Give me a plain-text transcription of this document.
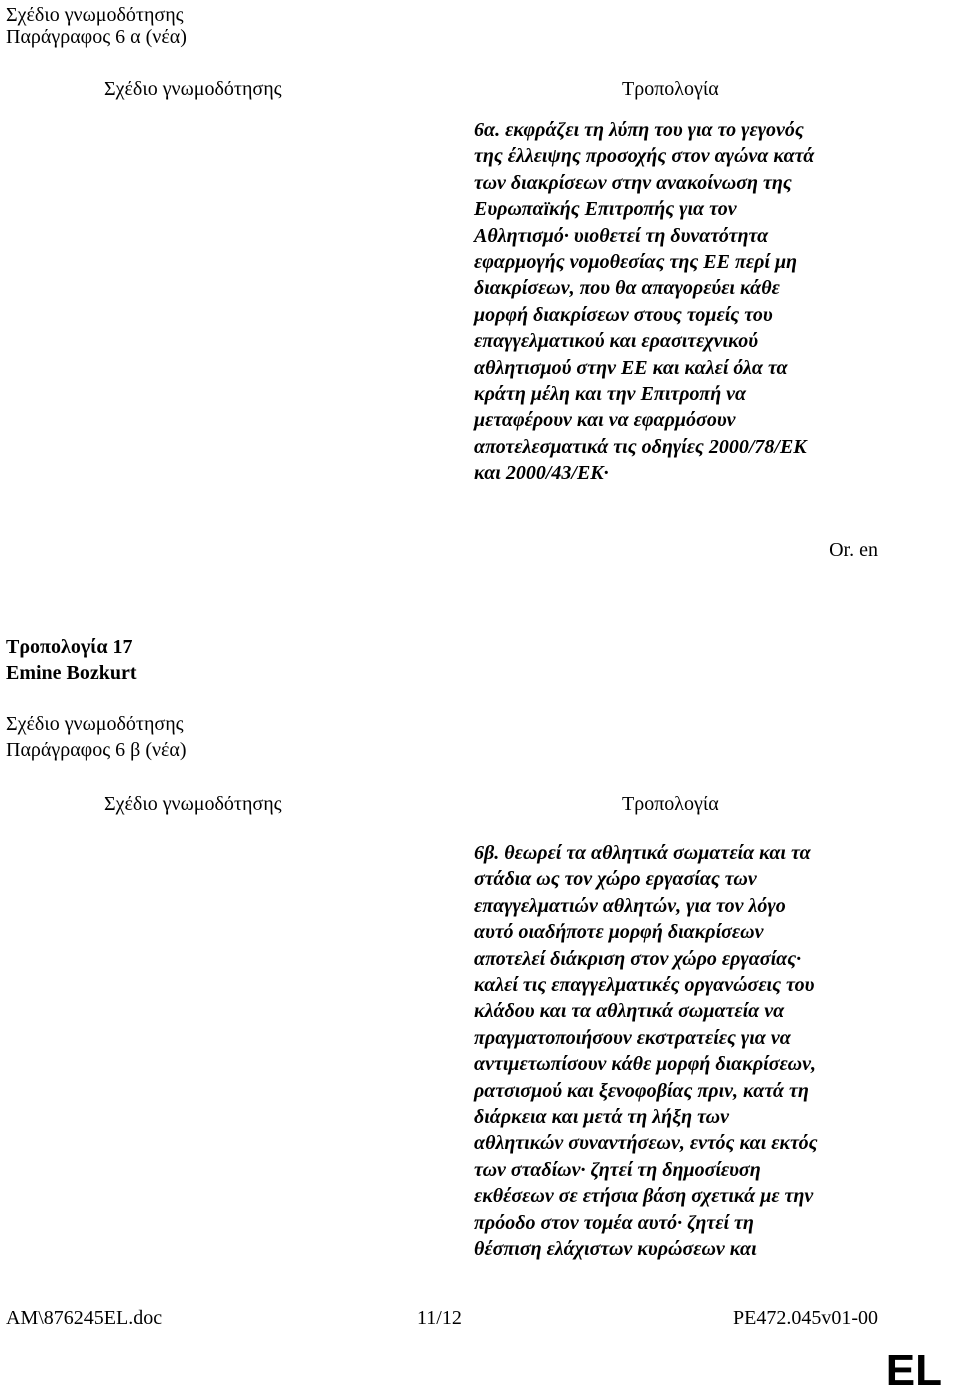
Σχέδιο γνωμοδότησης
Παράγραφος 6 α (νέα)
Σχέδιο γνωμοδότησης	Τροπολογία
6α. εκφράζει τη λύπη του για το γεγονός
της έλλειψης προσοχής στον αγώνα κατά
των διακρίσεων στην ανακοίνωση της
Ευρωπαϊκής Επιτροπής για τον
Αθλητισμό· υιοθετεί τη δυνατότητα
εφαρμογής νομοθεσίας της ΕΕ περί μη
διακρίσεων, που θα απαγορεύει κάθε
μορφή διακρίσεων στους τομείς του
επαγγελματικού και ερασιτεχνικού
αθλητισμού στην ΕΕ και καλεί όλα τα
κράτη μέλη και την Επιτροπή να
μεταφέρουν και να εφαρμόσουν
αποτελεσματικά τις οδηγίες 2000/78/ΕΚ
και 2000/43/ΕΚ·
Or. en
Τροπολογία 17
Emine Bozkurt
Σχέδιο γνωμοδότησης
Παράγραφος 6 β (νέα)
Σχέδιο γνωμοδότησης	Τροπολογία
6β. θεωρεί τα αθλητικά σωματεία και τα
στάδια ως τον χώρο εργασίας των
επαγγελματιών αθλητών, για τον λόγο
αυτό οιαδήποτε μορφή διακρίσεων
αποτελεί διάκριση στον χώρο εργασίας·
καλεί τις επαγγελματικές οργανώσεις του
κλάδου και τα αθλητικά σωματεία να
πραγματοποιήσουν εκστρατείες για να
αντιμετωπίσουν κάθε μορφή διακρίσεων,
ρατσισμού και ξενοφοβίας πριν, κατά τη
διάρκεια και μετά τη λήξη των
αθλητικών συναντήσεων, εντός και εκτός
των σταδίων· ζητεί τη δημοσίευση
εκθέσεων σε ετήσια βάση σχετικά με την
πρόοδο στον τομέα αυτό· ζητεί τη
θέσπιση ελάχιστων κυρώσεων και
AM\876245EL.doc	11/12	PE472.045v01-00
EL
